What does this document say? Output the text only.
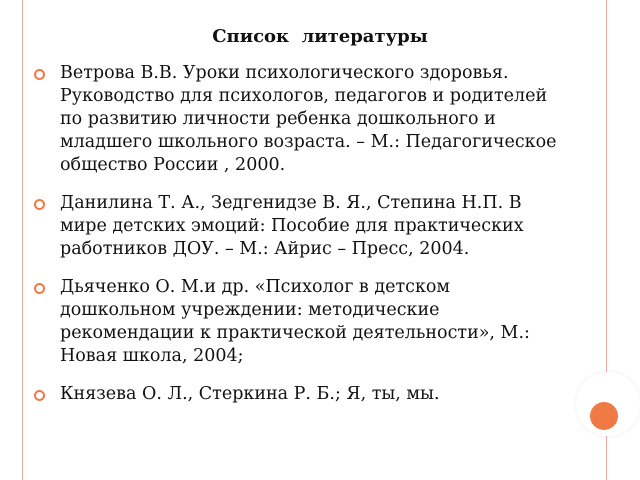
Список  литературы
Ветрова В.В. Уроки психологического здоровья. Руководство для психологов, педагогов и родителей по развитию личности ребенка дошкольного и младшего школьного возраста. – М.: Педагогическое общество России , 2000.
Данилина Т. А., Зедгенидзе В. Я., Степина Н.П. В мире детских эмоций: Пособие для практических работников ДОУ. – М.: Айрис – Пресс, 2004.
Дьяченко О. М.и др. «Психолог в детском дошкольном учреждении: методические рекомендации к практической деятельности», М.: Новая школа, 2004;
Князева О. Л., Стеркина Р. Б.; Я, ты, мы.
